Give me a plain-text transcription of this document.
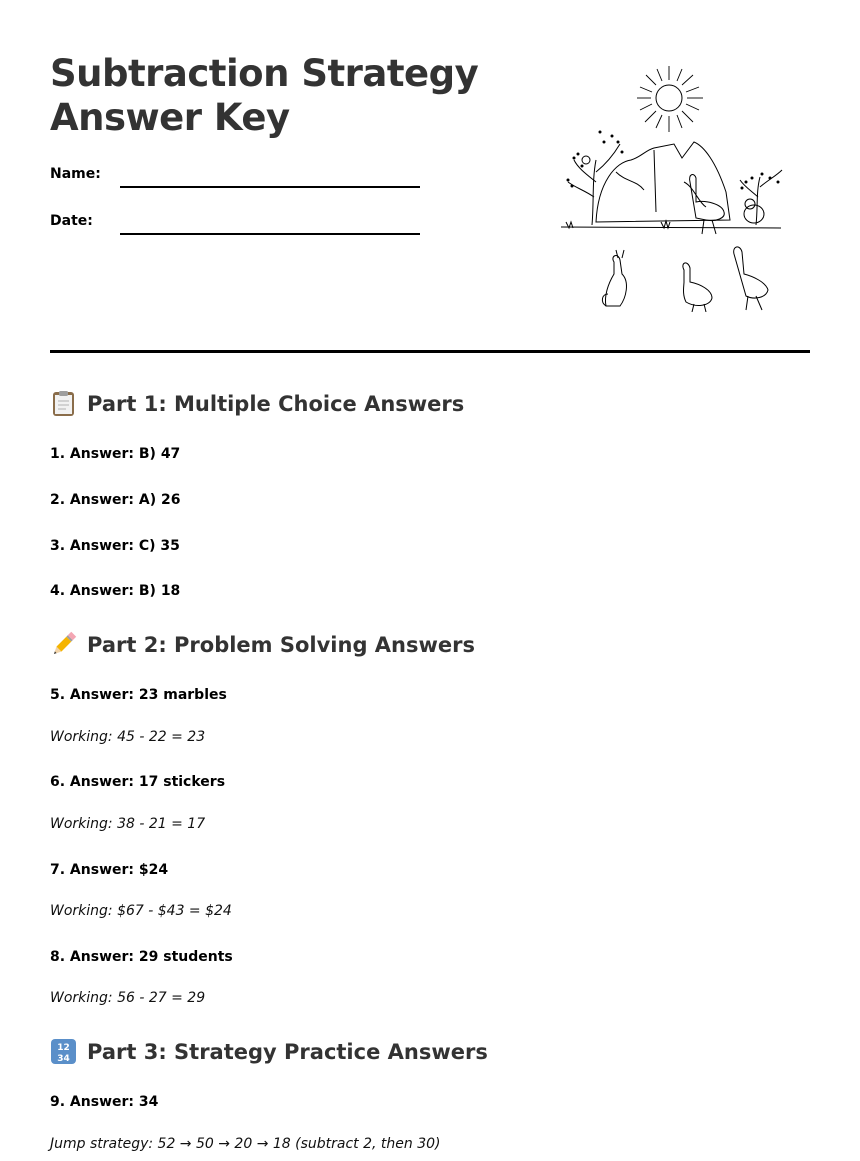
Subtraction Strategy
Answer Key
Name:
Date:
Part 1: Multiple Choice Answers

1. Answer: B) 47

2. Answer: A) 26

3. Answer: C) 35

4. Answer: B) 18

Part 2: Problem Solving Answers

5. Answer: 23 marbles

Working: 45 - 22 = 23

6. Answer: 17 stickers

Working: 38 - 21 = 17

7. Answer: $24

Working: $67 - $43 = $24

8. Answer: 29 students

Working: 56 - 27 = 29

12
34 Part 3: Strategy Practice Answers

9. Answer: 34

Jump strategy: 52 → 50 → 20 → 18 (subtract 2, then 30)
